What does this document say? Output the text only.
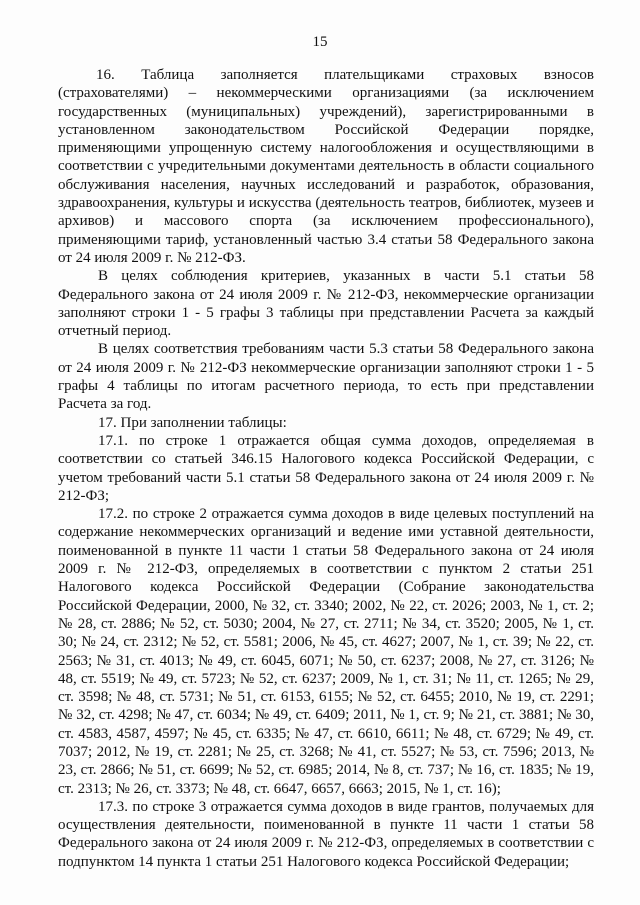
15

16. Таблица заполняется плательщиками страховых взносов (страхователями) – некоммерческими организациями (за исключением государственных (муниципальных) учреждений), зарегистрированными в установленном законодательством Российской Федерации порядке, применяющими упрощенную систему налогообложения и осуществляющими в соответствии с учредительными документами деятельность в области социального обслуживания населения, научных исследований и разработок, образования, здравоохранения, культуры и искусства (деятельность театров, библиотек, музеев и архивов) и массового спорта (за исключением профессионального), применяющими тариф, установленный частью 3.4 статьи 58 Федерального закона от 24 июля 2009 г. № 212-ФЗ.

В целях соблюдения критериев, указанных в части 5.1 статьи 58 Федерального закона от 24 июля 2009 г. № 212-ФЗ, некоммерческие организации заполняют строки 1 - 5 графы 3 таблицы при представлении Расчета за каждый отчетный период.

В целях соответствия требованиям части 5.3 статьи 58 Федерального закона от 24 июля 2009 г. № 212-ФЗ некоммерческие организации заполняют строки 1 - 5 графы 4 таблицы по итогам расчетного периода, то есть при представлении Расчета за год.

17. При заполнении таблицы:

17.1. по строке 1 отражается общая сумма доходов, определяемая в соответствии со статьей 346.15 Налогового кодекса Российской Федерации, с учетом требований части 5.1 статьи 58 Федерального закона от 24 июля 2009 г. № 212-ФЗ;

17.2. по строке 2 отражается сумма доходов в виде целевых поступлений на содержание некоммерческих организаций и ведение ими уставной деятельности, поименованной в пункте 11 части 1 статьи 58 Федерального закона от 24 июля 2009 г. № 212-ФЗ, определяемых в соответствии с пунктом 2 статьи 251 Налогового кодекса Российской Федерации (Собрание законодательства Российской Федерации, 2000, № 32, ст. 3340; 2002, № 22, ст. 2026; 2003, № 1, ст. 2; № 28, ст. 2886; № 52, ст. 5030; 2004, № 27, ст. 2711; № 34, ст. 3520; 2005, № 1, ст. 30; № 24, ст. 2312; № 52, ст. 5581; 2006, № 45, ст. 4627; 2007, № 1, ст. 39; № 22, ст. 2563; № 31, ст. 4013; № 49, ст. 6045, 6071; № 50, ст. 6237; 2008, № 27, ст. 3126; № 48, ст. 5519; № 49, ст. 5723; № 52, ст. 6237; 2009, № 1, ст. 31; № 11, ст. 1265; № 29, ст. 3598; № 48, ст. 5731; № 51, ст. 6153, 6155; № 52, ст. 6455; 2010, № 19, ст. 2291; № 32, ст. 4298; № 47, ст. 6034; № 49, ст. 6409; 2011, № 1, ст. 9; № 21, ст. 3881; № 30, ст. 4583, 4587, 4597; № 45, ст. 6335; № 47, ст. 6610, 6611; № 48, ст. 6729; № 49, ст. 7037; 2012, № 19, ст. 2281; № 25, ст. 3268; № 41, ст. 5527; № 53, ст. 7596; 2013, № 23, ст. 2866; № 51, ст. 6699; № 52, ст. 6985; 2014, № 8, ст. 737; № 16, ст. 1835; № 19, ст. 2313; № 26, ст. 3373; № 48, ст. 6647, 6657, 6663; 2015, № 1, ст. 16);

17.3. по строке 3 отражается сумма доходов в виде грантов, получаемых для осуществления деятельности, поименованной в пункте 11 части 1 статьи 58 Федерального закона от 24 июля 2009 г. № 212-ФЗ, определяемых в соответствии с подпунктом 14 пункта 1 статьи 251 Налогового кодекса Российской Федерации;
